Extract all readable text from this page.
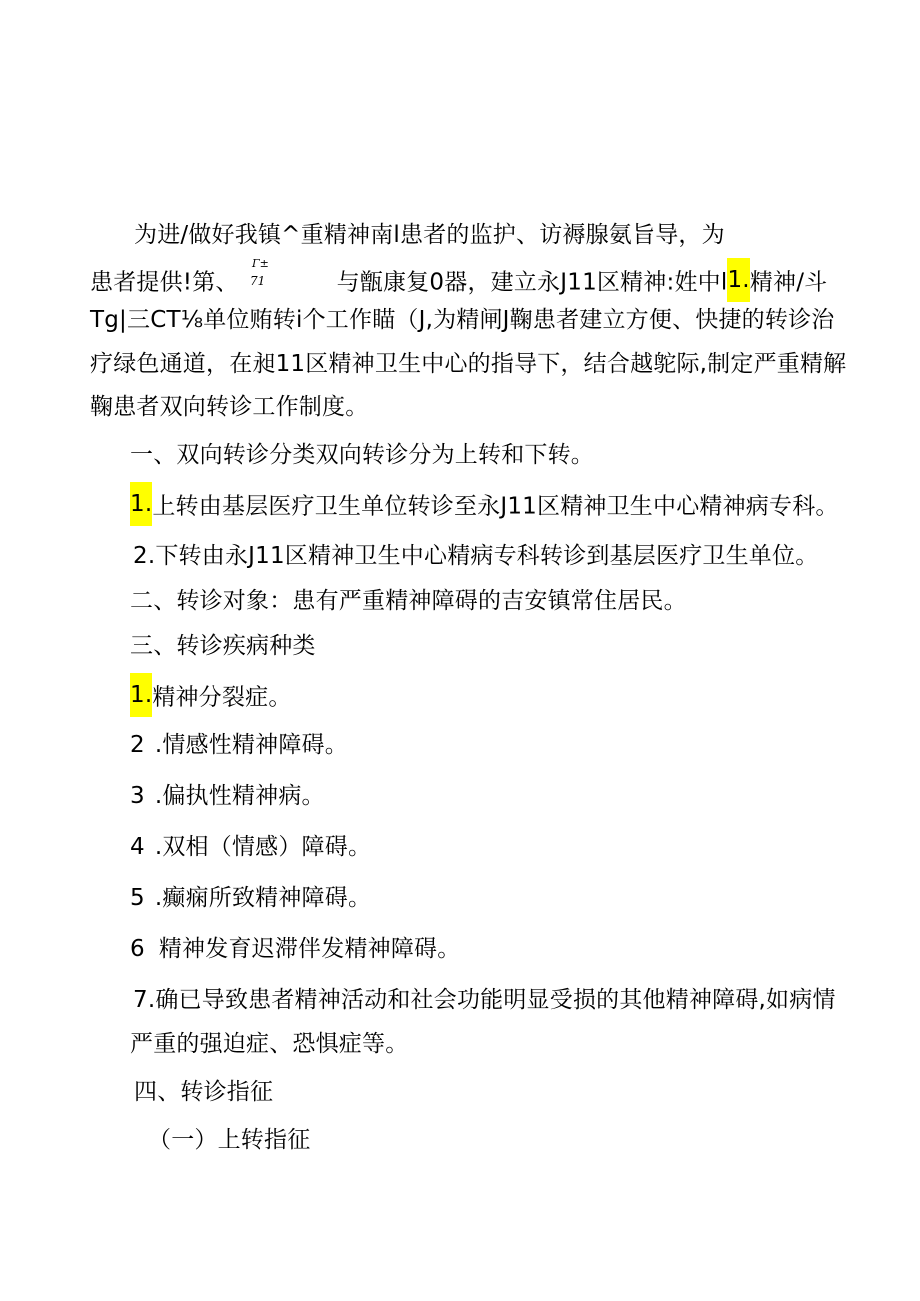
为进/做好我镇^重精神南l患者的监护、访褥腺氨旨导，为
患者提供!第、	与甑康复0器，建立永J11区精神:姓中l1.精神/斗
Γ±
71
Tg|三CT⅛单位贿转i个工作瞄（J,为精闸J鞠患者建立方便、快捷的转诊治
疗绿色通道，在昶11区精神卫生中心的指导下，结合越鸵际,制定严重精解
鞠患者双向转诊工作制度。
一、双向转诊分类双向转诊分为上转和下转。
1.上转由基层医疗卫生单位转诊至永J11区精神卫生中心精神病专科。
2.下转由永J11区精神卫生中心精病专科转诊到基层医疗卫生单位。
二、转诊对象：患有严重精神障碍的吉安镇常住居民。
三、转诊疾病种类
1.精神分裂症。
2 .情感性精神障碍。
3 .偏执性精神病。
4 .双相（情感）障碍。
5 .癫痫所致精神障碍。
6 精神发育迟滞伴发精神障碍。
7.确已导致患者精神活动和社会功能明显受损的其他精神障碍,如病情
严重的强迫症、恐惧症等。
四、转诊指征
（一）上转指征
